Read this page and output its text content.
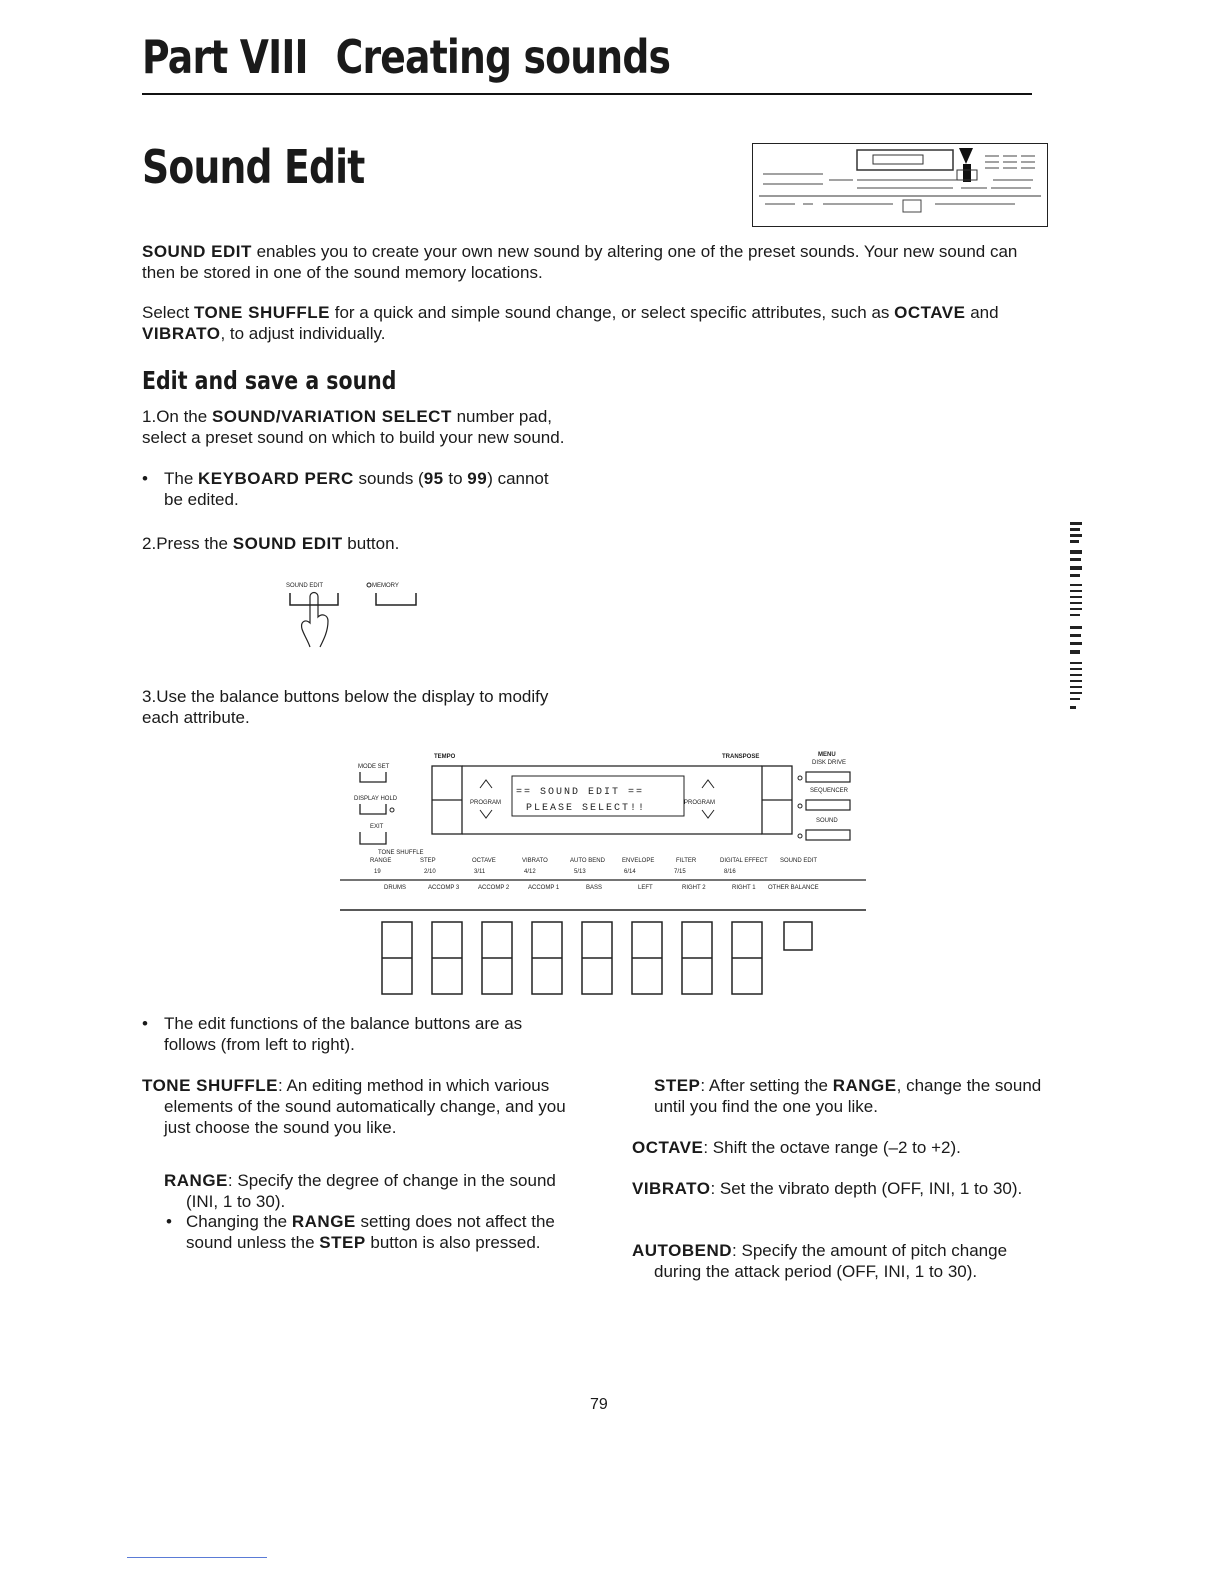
Part VIII Creating sounds
Sound Edit
SOUND EDIT enables you to create your own new sound by altering one of the preset sounds. Your new sound can then be stored in one of the sound memory locations.
Select TONE SHUFFLE for a quick and simple sound change, or select specific attributes, such as OCTAVE and VIBRATO, to adjust individually.
Edit and save a sound
1.On the SOUND/VARIATION SELECT number pad, select a preset sound on which to build your new sound.
• The KEYBOARD PERC sounds (95 to 99) cannot be edited.
2.Press the SOUND EDIT button.
SOUND EDIT	MEMORY
3.Use the balance buttons below the display to modify each attribute.
TEMPO	TRANSPOSE	MENU
DISK DRIVE
MODE SET
DISPLAY HOLD
EXIT
PROGRAM	PROGRAM
== SOUND EDIT ==
PLEASE SELECT!!
SEQUENCER
SOUND
TONE SHUFFLE
RANGE	STEP	OCTAVE	VIBRATO	AUTO BEND	ENVELOPE	FILTER	DIGITAL EFFECT SOUND EDIT
19	2/10	3/11	4/12	5/13	6/14	7/15	8/16
DRUMS	ACCOMP 3	ACCOMP 2	ACCOMP 1	BASS	LEFT	RIGHT 2	RIGHT 1 OTHER BALANCE
• The edit functions of the balance buttons are as follows (from left to right).
TONE SHUFFLE: An editing method in which various elements of the sound automatically change, and you just choose the sound you like.
RANGE: Specify the degree of change in the sound (INI, 1 to 30).
• Changing the RANGE setting does not affect the sound unless the STEP button is also pressed.
STEP: After setting the RANGE, change the sound until you find the one you like.
OCTAVE: Shift the octave range (–2 to +2).
VIBRATO: Set the vibrato depth (OFF, INI, 1 to 30).
AUTOBEND: Specify the amount of pitch change during the attack period (OFF, INI, 1 to 30).
79
